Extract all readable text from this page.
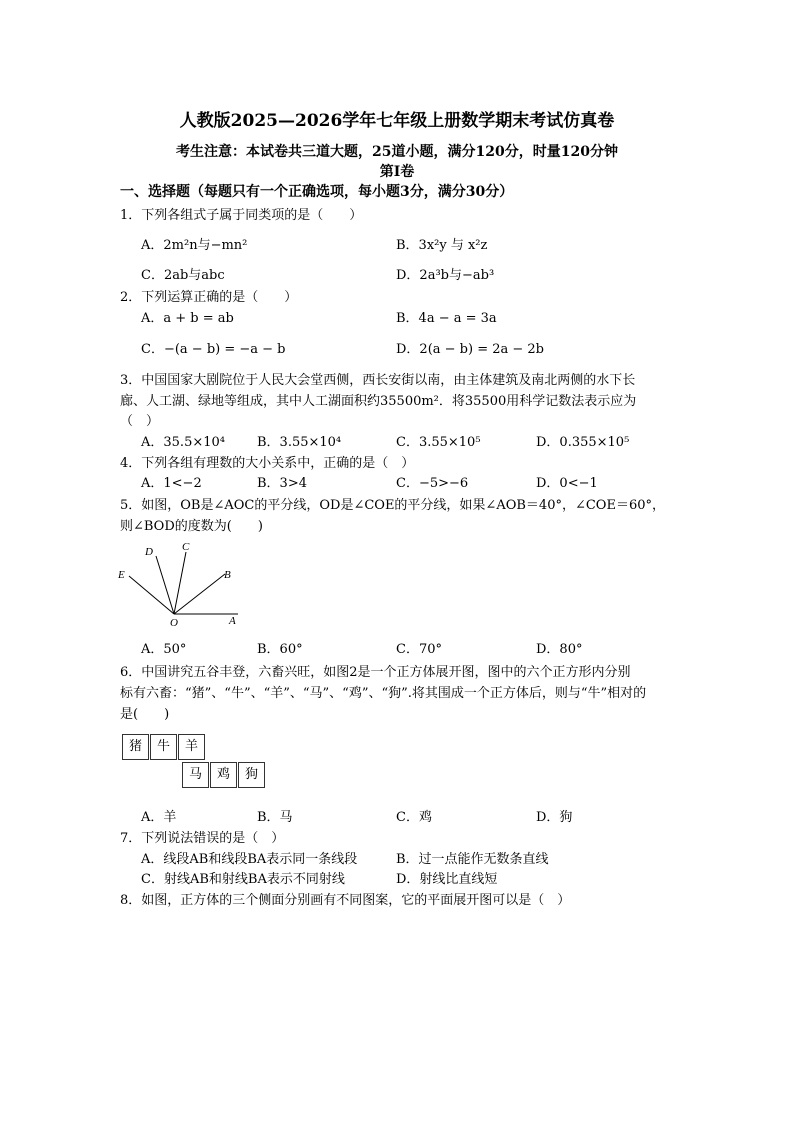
人教版2025—2026学年七年级上册数学期末考试仿真卷
考生注意：本试卷共三道大题，25道小题，满分120分，时量120分钟
第Ⅰ卷
一、选择题（每题只有一个正确选项，每小题3分，满分30分）
1．下列各组式子属于同类项的是（　　）
A．2m²n与−mn²	B．3x²y 与 x²z
C．2ab与abc	D．2a³b与−ab³
2．下列运算正确的是（　　）
A．a + b = ab	B．4a − a = 3a
C．−(a − b) = −a − b	D．2(a − b) = 2a − 2b
3．中国国家大剧院位于人民大会堂西侧，西长安街以南，由主体建筑及南北两侧的水下长
廊、人工湖、绿地等组成，其中人工湖面积约35500m²．将35500用科学记数法表示应为
（　）
A．35.5×10⁴ B．3.55×10⁴	C．3.55×10⁵	D．0.355×10⁵
4．下列各组有理数的大小关系中，正确的是（　）
A．1<−2	B．3>4	C．−5>−6	D．0<−1
5．如图，OB是∠AOC的平分线，OD是∠COE的平分线，如果∠AOB＝40°，∠COE＝60°，
则∠BOD的度数为(　　)
D	C
E	B
O	A
A．50°	B．60°	C．70°	D．80°
6．中国讲究五谷丰登，六畜兴旺，如图2是一个正方体展开图，图中的六个正方形内分别
标有六畜：“猪”、“牛”、“羊”、“马”、“鸡”、“狗”.将其围成一个正方体后，则与“牛”相对的
是(　　)
猪	牛	羊
马	鸡	狗
A．羊	B．马	C．鸡	D．狗
7．下列说法错误的是（　）
A．线段AB和线段BA表示同一条线段	B．过一点能作无数条直线
C．射线AB和射线BA表示不同射线	D．射线比直线短
8．如图，正方体的三个侧面分别画有不同图案，它的平面展开图可以是（　）
